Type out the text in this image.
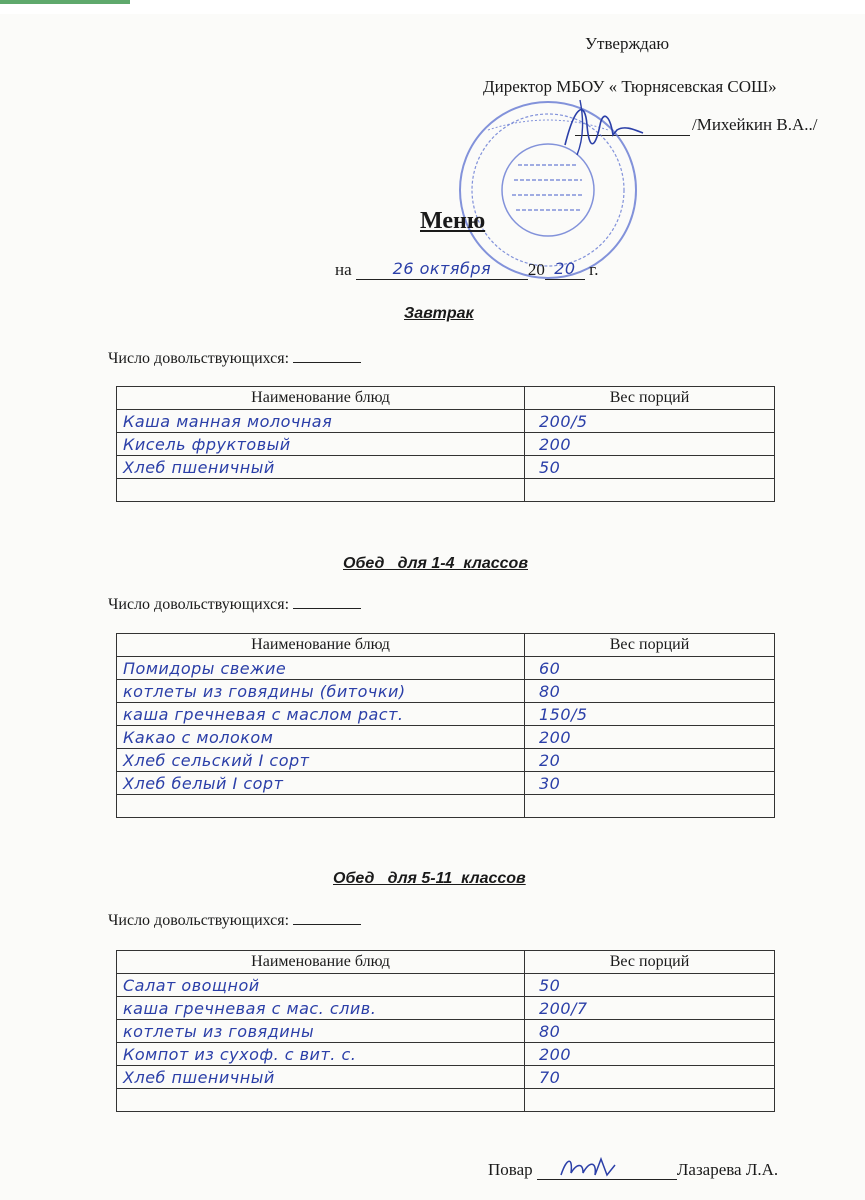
Утверждаю
Директор МБОУ « Тюрнясевская СОШ»
/Михейкин В.А../
Меню
на	26 октября 20 20 г.
Завтрак
Число довольствующихся:
Наименование блюд	Вес порций
Каша манная молочная	200/5
Кисель фруктовый	200
Хлеб пшеничный	50

Обед   для 1-4  классов
Число довольствующихся:
Наименование блюд	Вес порций
Помидоры свежие	60
котлеты из говядины (биточки)	80
каша гречневая с маслом раст.	150/5
Какао с молоком	200
Хлеб сельский I сорт	20
Хлеб белый I сорт	30

Обед   для 5-11  классов
Число довольствующихся:
Наименование блюд	Вес порций
Салат овощной	50
каша гречневая с мас. слив.	200/7
котлеты из говядины	80
Компот из сухоф. с вит. с.	200
Хлеб пшеничный	70

Повар	Лазарева Л.А.
